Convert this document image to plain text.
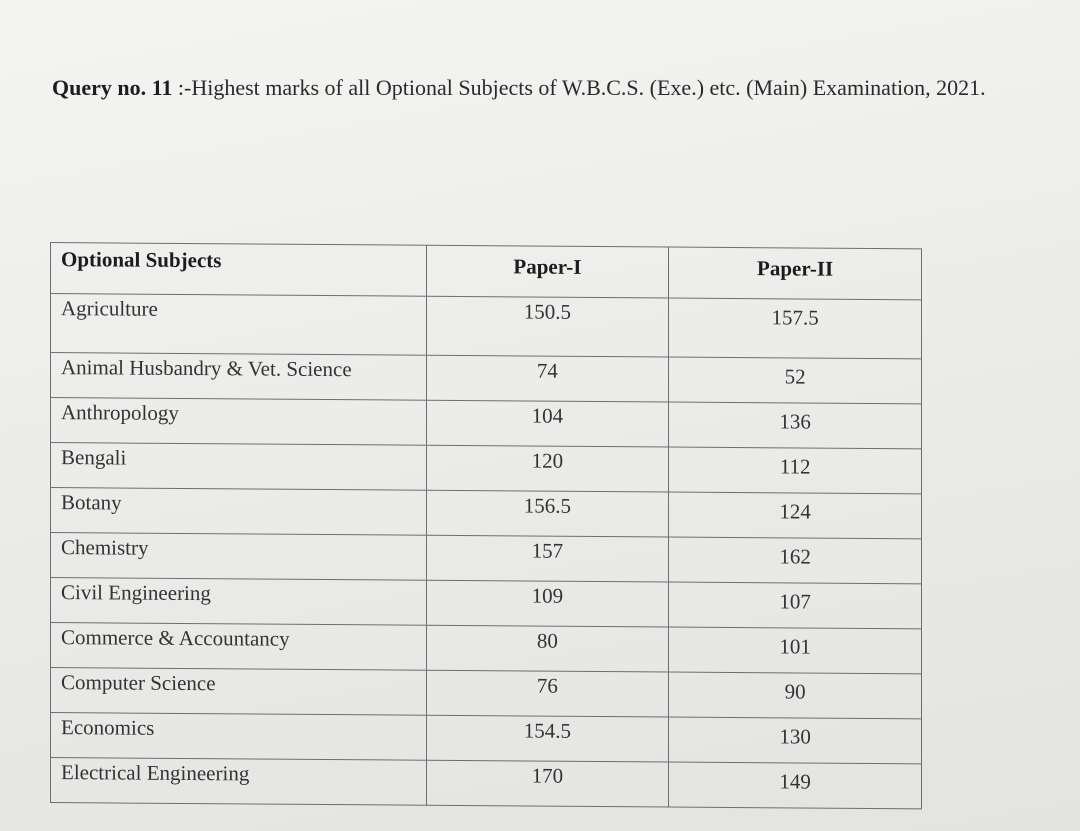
Query no. 11 :-Highest marks of all Optional Subjects of W.B.C.S. (Exe.) etc. (Main) Examination, 2021.
Optional Subjects	Paper-I	Paper-II
Agriculture	150.5	157.5
Animal Husbandry & Vet. Science	74	52
Anthropology	104	136
Bengali	120	112
Botany	156.5	124
Chemistry	157	162
Civil Engineering	109	107
Commerce & Accountancy	80	101
Computer Science	76	90
Economics	154.5	130
Electrical Engineering	170	149
